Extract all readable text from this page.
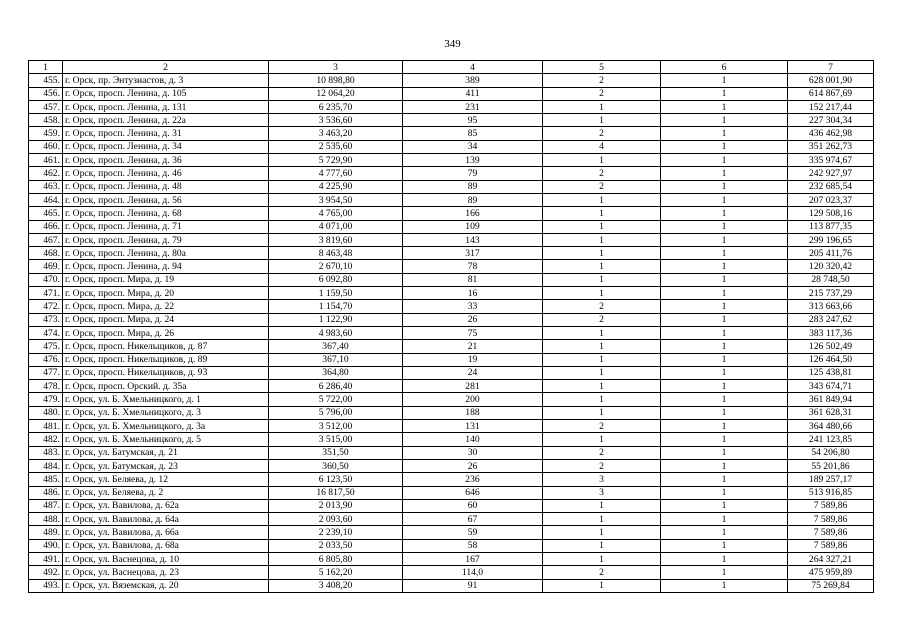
349
1	2	3	4	5	6	7
455.	г. Орск, пр. Энтузиастов, д. 3	10 898,80	389	2	1	628 001,90
456.	г. Орск, просп. Ленина, д. 105	12 064,20	411	2	1	614 867,69
457.	г. Орск, просп. Ленина, д. 131	6 235,70	231	1	1	152 217,44
458.	г. Орск, просп. Ленина, д. 22а	3 536,60	95	1	1	227 304,34
459.	г. Орск, просп. Ленина, д. 31	3 463,20	85	2	1	436 462,98
460.	г. Орск, просп. Ленина, д. 34	2 535,60	34	4	1	351 262,73
461.	г. Орск, просп. Ленина, д. 36	5 729,90	139	1	1	335 974,67
462.	г. Орск, просп. Ленина, д. 46	4 777,60	79	2	1	242 927,97
463.	г. Орск, просп. Ленина, д. 48	4 225,90	89	2	1	232 685,54
464.	г. Орск, просп. Ленина, д. 56	3 954,50	89	1	1	207 023,37
465.	г. Орск, просп. Ленина, д. 68	4 765,00	166	1	1	129 508,16
466.	г. Орск, просп. Ленина, д. 71	4 071,00	109	1	1	113 877,35
467.	г. Орск, просп. Ленина, д. 79	3 819,60	143	1	1	299 196,65
468.	г. Орск, просп. Ленина, д. 80а	8 463,48	317	1	1	205 411,76
469.	г. Орск, просп. Ленина, д. 94	2 670,10	78	1	1	120 320,42
470.	г. Орск, просп. Мира, д. 19	6 092,80	81	1	1	28 748,50
471.	г. Орск, просп. Мира, д. 20	1 159,50	16	1	1	215 737,29
472.	г. Орск, просп. Мира, д. 22	1 154,70	33	2	1	313 663,66
473.	г. Орск, просп. Мира, д. 24	1 122,90	26	2	1	283 247,62
474.	г. Орск, просп. Мира, д. 26	4 983,60	75	1	1	383 117,36
475.	г. Орск, просп. Никельщиков, д. 87	367,40	21	1	1	126 502,49
476.	г. Орск, просп. Никельщиков, д. 89	367,10	19	1	1	126 464,50
477.	г. Орск, просп. Никельщиков, д. 93	364,80	24	1	1	125 438,81
478.	г. Орск, просп. Орский. д. 35а	6 286,40	281	1	1	343 674,71
479.	г. Орск, ул. Б. Хмельницкого, д. 1	5 722,00	200	1	1	361 849,94
480.	г. Орск, ул. Б. Хмельницкого, д. 3	5 796,00	188	1	1	361 628,31
481.	г. Орск, ул. Б. Хмельницкого, д. 3а	3 512,00	131	2	1	364 480,66
482.	г. Орск, ул. Б. Хмельницкого, д. 5	3 515,00	140	1	1	241 123,85
483.	г. Орск, ул. Батумская, д. 21	351,50	30	2	1	54 206,80
484.	г. Орск, ул. Батумская, д. 23	360,50	26	2	1	55 201,86
485.	г. Орск, ул. Беляева, д. 12	6 123,50	236	3	1	189 257,17
486.	г. Орск, ул. Беляева, д. 2	16 817,50	646	3	1	513 916,85
487.	г. Орск, ул. Вавилова, д. 62а	2 013,90	60	1	1	7 589,86
488.	г. Орск, ул. Вавилова, д. 64а	2 093,60	67	1	1	7 589,86
489.	г. Орск, ул. Вавилова, д. 66а	2 239,10	59	1	1	7 589,86
490.	г. Орск, ул. Вавилова, д. 68а	2 033,50	58	1	1	7 589,86
491.	г. Орск, ул. Васнецова, д. 10	6 805,80	167	1	1	264 327,21
492.	г. Орск, ул. Васнецова, д. 23	5 162,20	114,0	2	1	475 959,89
493.	г. Орск, ул. Вяземская, д. 20	3 408,20	91	1	1	75 269,84
